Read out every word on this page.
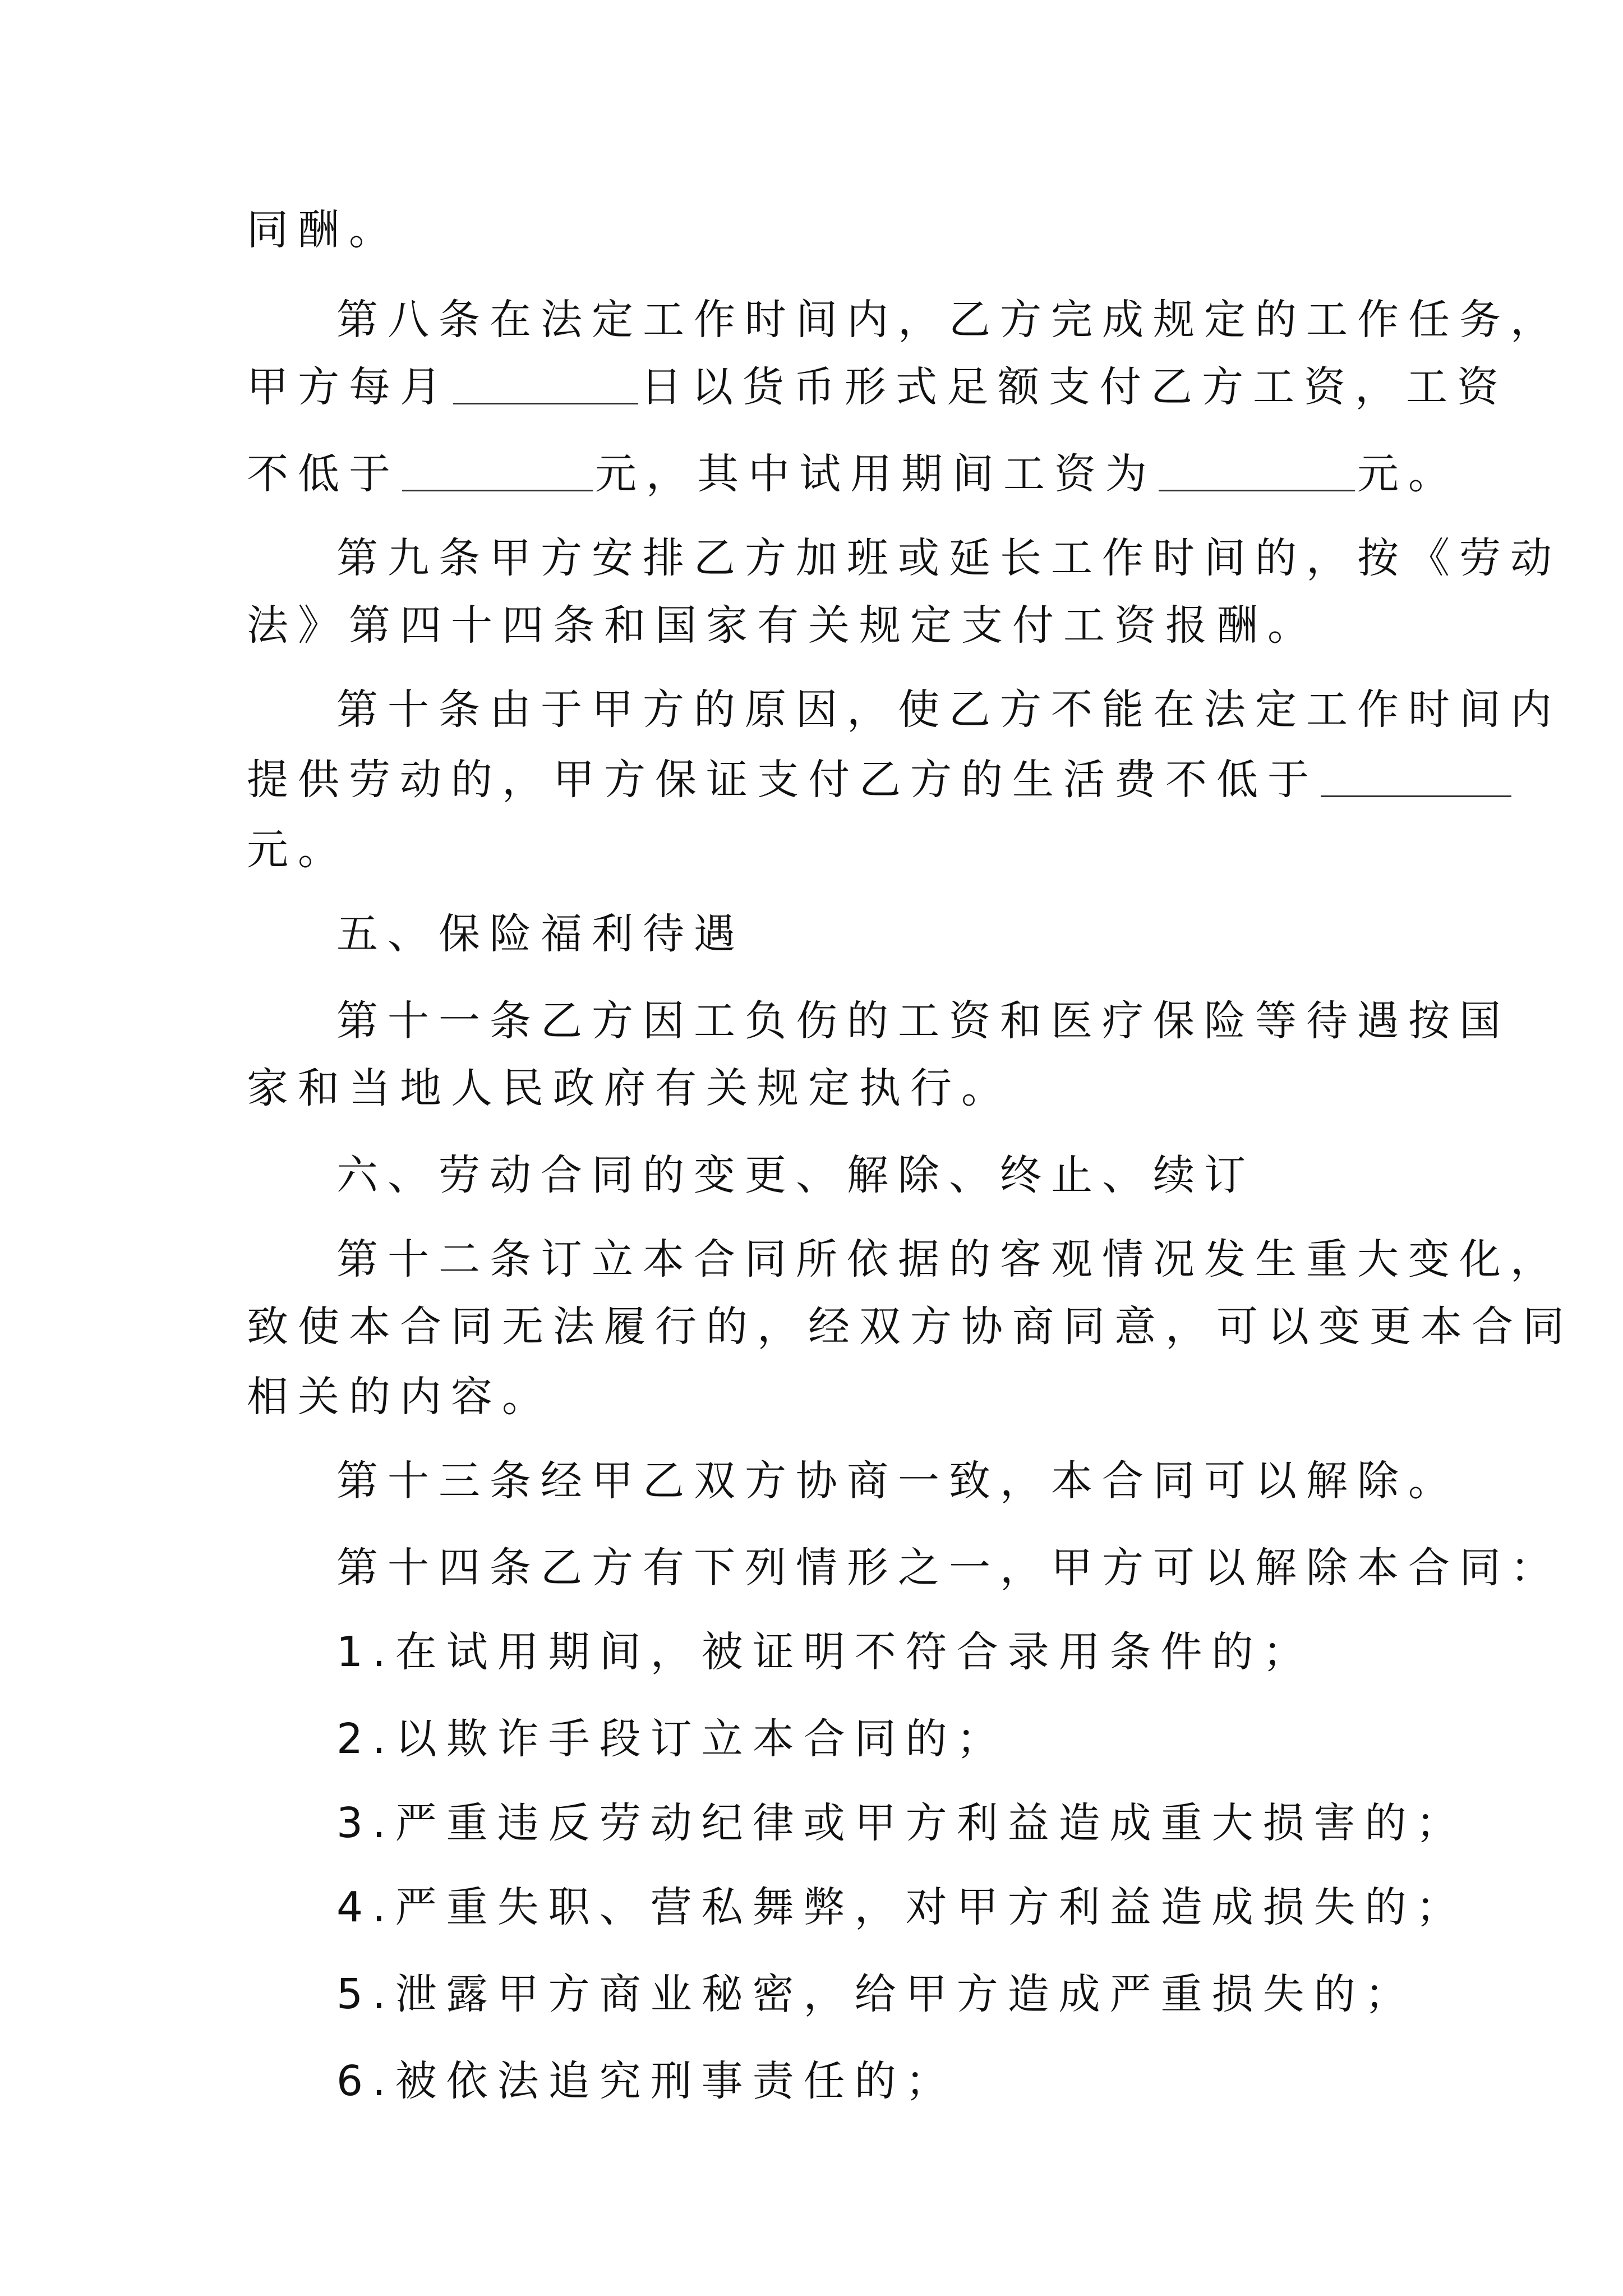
同酬。
第八条在法定工作时间内，乙方完成规定的工作任务，
甲方每月	日以货币形式足额支付乙方工资，工资
不低于	元，其中试用期间工资为	元。
第九条甲方安排乙方加班或延长工作时间的，按《劳动
法》第四十四条和国家有关规定支付工资报酬。
第十条由于甲方的原因，使乙方不能在法定工作时间内
提供劳动的，甲方保证支付乙方的生活费不低于
元。
五、保险福利待遇
第十一条乙方因工负伤的工资和医疗保险等待遇按国
家和当地人民政府有关规定执行。
六、劳动合同的变更、解除、终止、续订
第十二条订立本合同所依据的客观情况发生重大变化，
致使本合同无法履行的，经双方协商同意，可以变更本合同
相关的内容。
第十三条经甲乙双方协商一致，本合同可以解除。
第十四条乙方有下列情形之一，甲方可以解除本合同：
1.在试用期间，被证明不符合录用条件的；
2.以欺诈手段订立本合同的；
3.严重违反劳动纪律或甲方利益造成重大损害的；
4.严重失职、营私舞弊，对甲方利益造成损失的；
5.泄露甲方商业秘密，给甲方造成严重损失的；
6.被依法追究刑事责任的；
